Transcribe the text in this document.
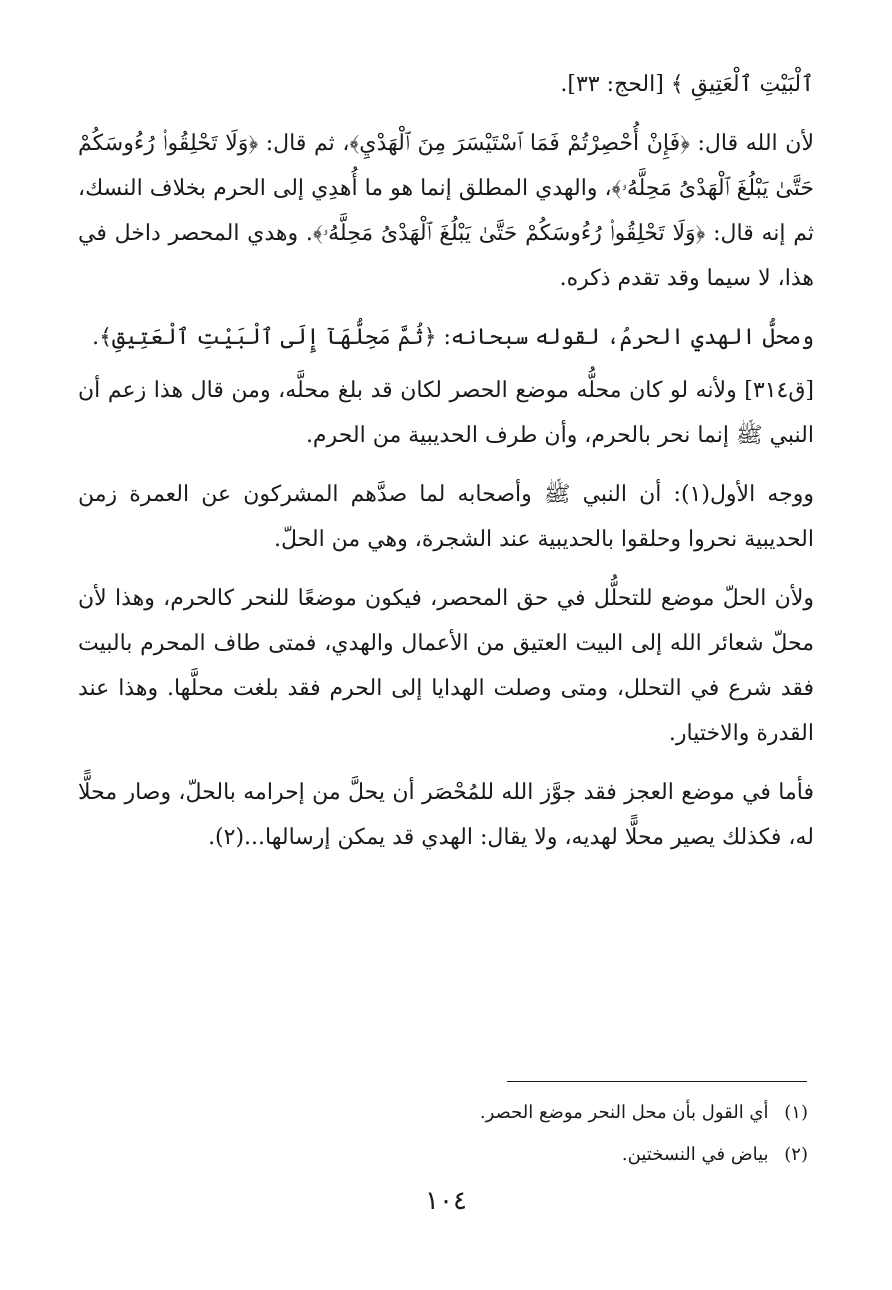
ٱلْبَيْتِ ٱلْعَتِيقِ ﴾ [الحج: ٣٣].

لأن الله قال: ﴿فَإِنْ أُحْصِرْتُمْ فَمَا ٱسْتَيْسَرَ مِنَ ٱلْهَدْيِ﴾، ثم قال: ﴿وَلَا تَحْلِقُوا۟ رُءُوسَكُمْ حَتَّىٰ يَبْلُغَ ٱلْهَدْىُ مَحِلَّهُۥ﴾، والهدي المطلق إنما هو ما أُهدِي إلى الحرم بخلاف النسك، ثم إنه قال: ﴿وَلَا تَحْلِقُوا۟ رُءُوسَكُمْ حَتَّىٰ يَبْلُغَ ٱلْهَدْىُ مَحِلَّهُۥ﴾. وهدي المحصر داخل في هذا، لا سيما وقد تقدم ذكره.

ومحلُّ الهدي الحرمُ، لقوله سبحانه: ﴿ثُمَّ مَحِلُّهَآ إِلَى ٱلْبَيْتِ ٱلْعَتِيقِ﴾.

[ق٣١٤] ولأنه لو كان محلُّه موضع الحصر لكان قد بلغ محلَّه، ومن قال هذا زعم أن النبي ﷺ إنما نحر بالحرم، وأن طرف الحديبية من الحرم.

ووجه الأول(١): أن النبي ﷺ وأصحابه لما صدَّهم المشركون عن العمرة زمن الحديبية نحروا وحلقوا بالحديبية عند الشجرة، وهي من الحلّ.

ولأن الحلّ موضع للتحلُّل في حق المحصر، فيكون موضعًا للنحر كالحرم، وهذا لأن محلّ شعائر الله إلى البيت العتيق من الأعمال والهدي، فمتى طاف المحرم بالبيت فقد شرع في التحلل، ومتى وصلت الهدايا إلى الحرم فقد بلغت محلَّها. وهذا عند القدرة والاختيار.

فأما في موضع العجز فقد جوَّز الله للمُحْصَر أن يحلَّ من إحرامه بالحلّ، وصار محلًّا له، فكذلك يصير محلًّا لهديه، ولا يقال: الهدي قد يمكن إرسالها...(٢).

(١) أي القول بأن محل النحر موضع الحصر.

(٢) بياض في النسختين.

١٠٤
